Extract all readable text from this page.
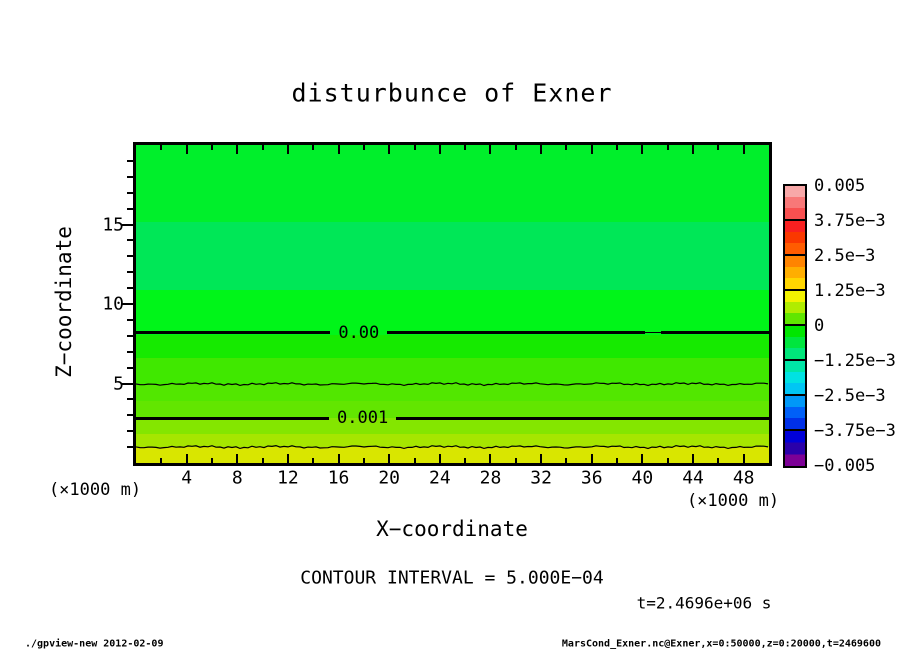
disturbunce of Exner
0.00
0.001
4 8 12 16 20 24 28 32 36 40 44 48
5
10
15
0.005
3.75e−3
2.5e−3
1.25e−3
0
−1.25e−3
−2.5e−3
−3.75e−3
−0.005
Z−coordinate
X−coordinate
(×1000 m)
(×1000 m)
CONTOUR INTERVAL = 5.000E−04
t=2.4696e+06 s
./gpview-new 2012-02-09	MarsCond_Exner.nc@Exner,x=0:50000,z=0:20000,t=2469600
